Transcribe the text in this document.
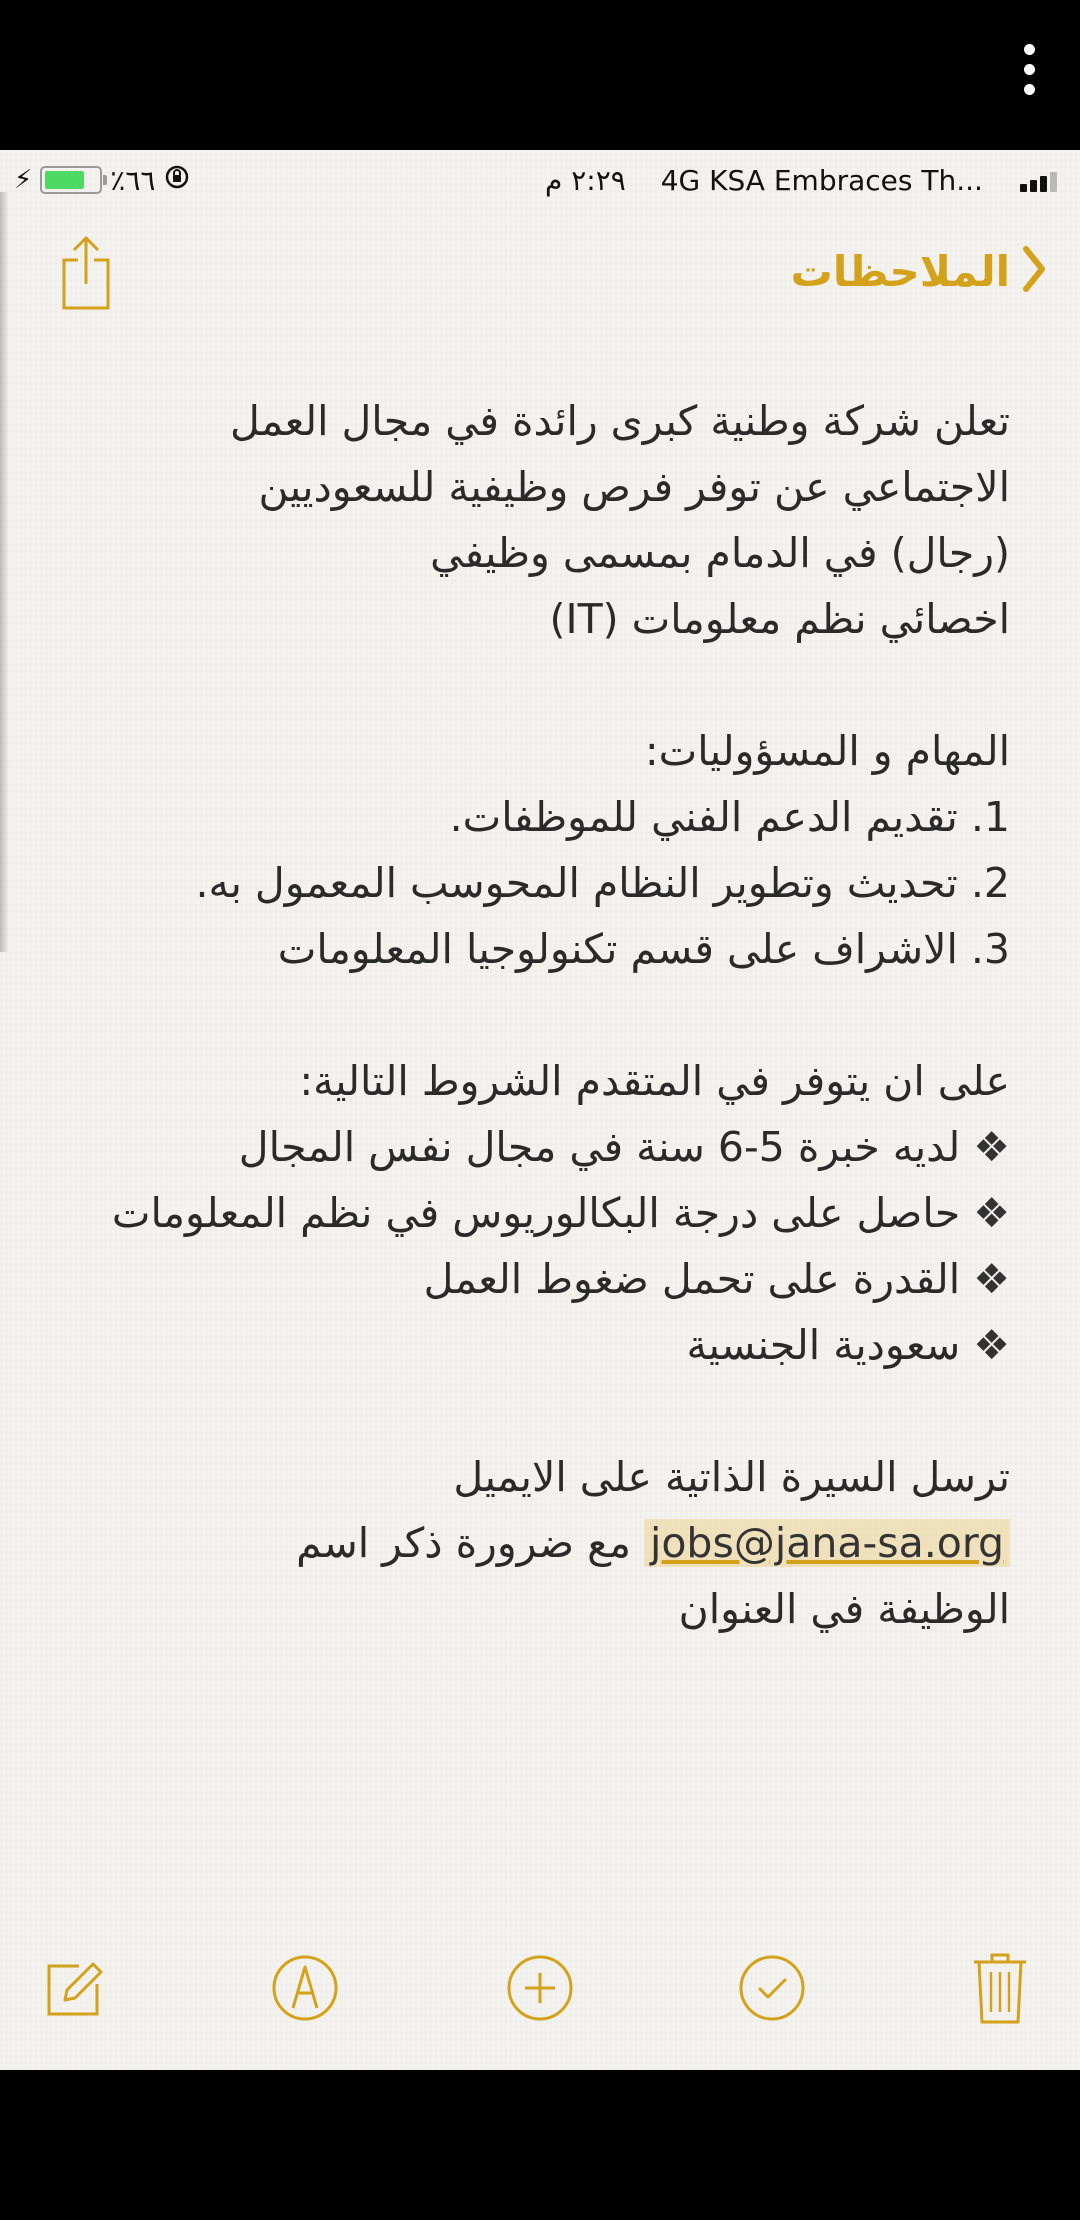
⚡	٪٦٦	٢:٢٩ م 4G KSA Embraces Th...
الملاحظات

تعلن شركة وطنية كبرى رائدة في مجال العمل

الاجتماعي عن توفر فرص وظيفية للسعوديين

(رجال) في الدمام بمسمى وظيفي

اخصائي نظم معلومات (IT)

المهام و المسؤوليات:

1. تقديم الدعم الفني للموظفات.

2. تحديث وتطوير النظام المحوسب المعمول به.

3. الاشراف على قسم تكنولوجيا المعلومات

على ان يتوفر في المتقدم الشروط التالية:

❖ لديه خبرة 5-6 سنة في مجال نفس المجال

❖ حاصل على درجة البكالوريوس في نظم المعلومات

❖ القدرة على تحمل ضغوط العمل

❖ سعودية الجنسية

ترسل السيرة الذاتية على الايميل

jobs@jana-sa.org مع ضرورة ذكر اسم

الوظيفة في العنوان
